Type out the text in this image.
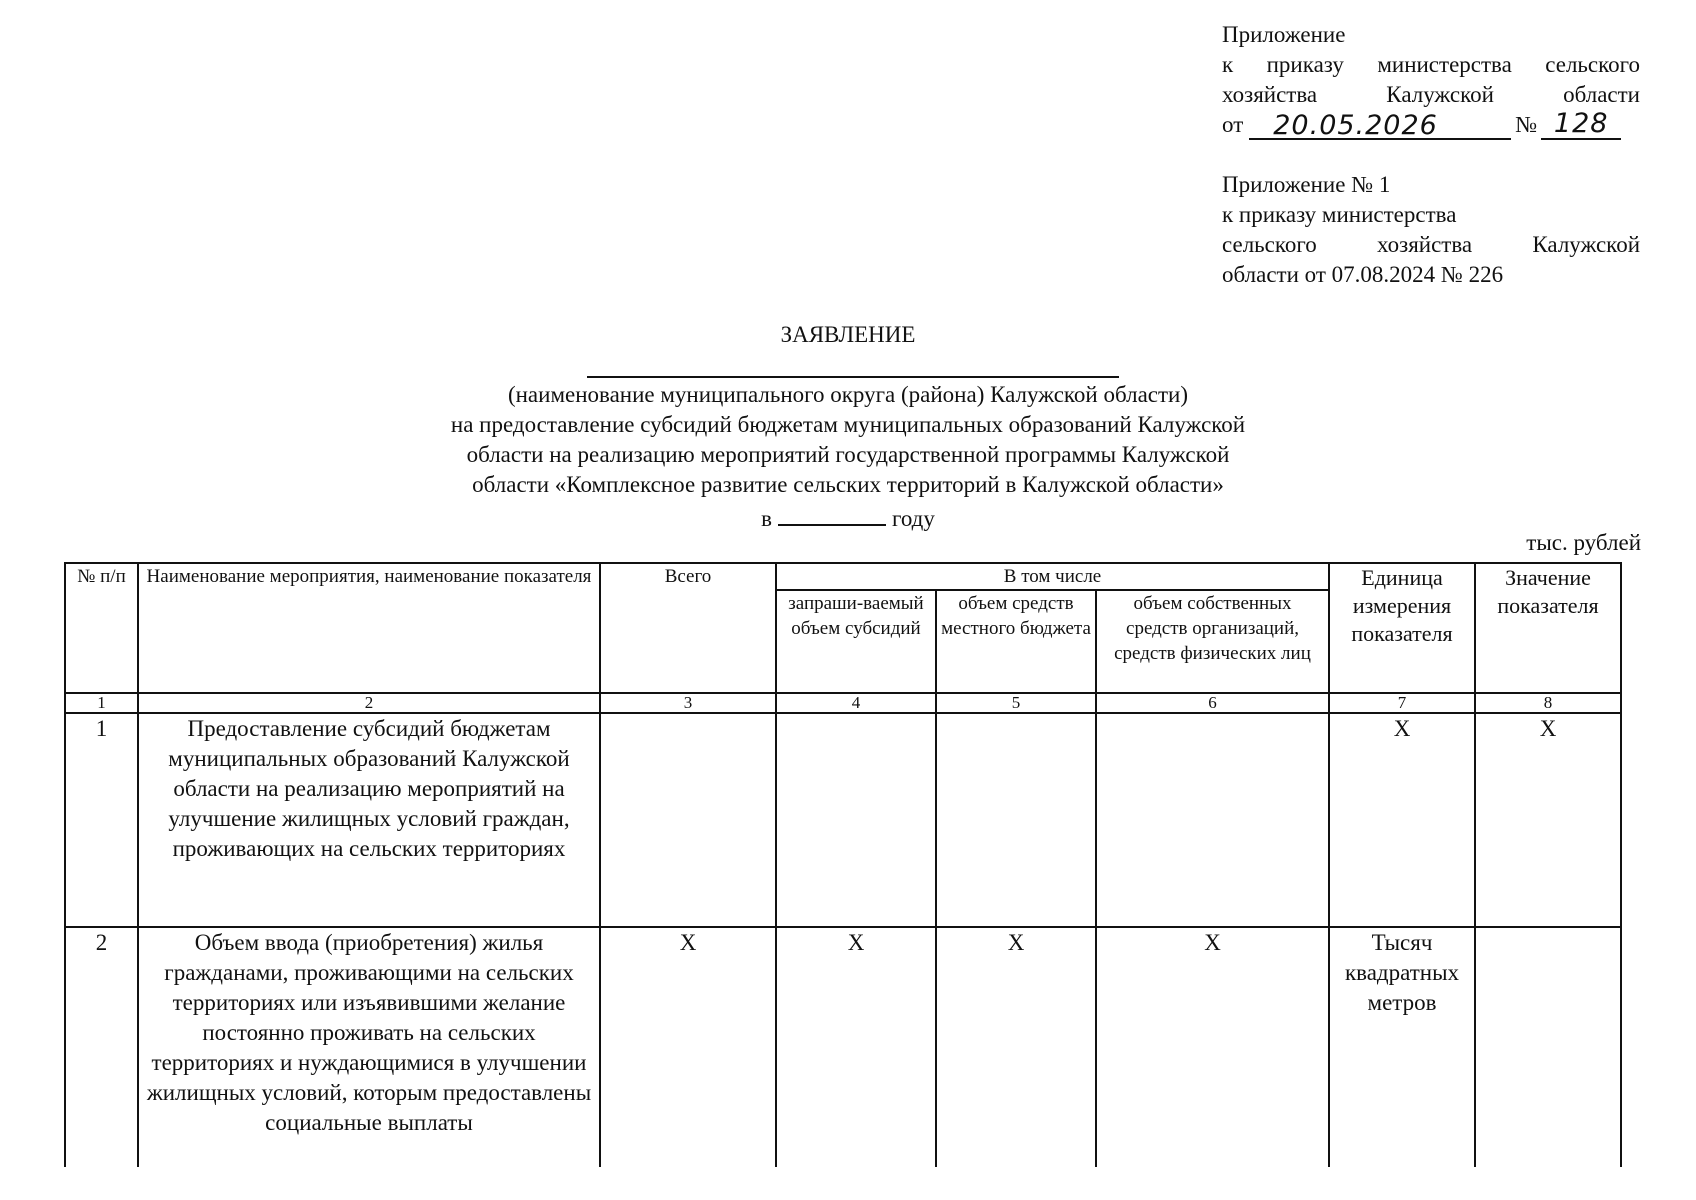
Приложение
к приказу министерства сельского
хозяйства	Калужской	области
от	20.05.2026	№ 128
Приложение № 1
к приказу министерства
сельского	хозяйства	Калужской
области от 07.08.2024 № 226
ЗАЯВЛЕНИЕ
(наименование муниципального округа (района) Калужской области)
на предоставление субсидий бюджетам муниципальных образований Калужской
области на реализацию мероприятий государственной программы Калужской
области «Комплексное развитие сельских территорий в Калужской области»
в	году
тыс. рублей
№ п/п	Наименование мероприятия, наименование показателя	Всего	В том числе			Единица измерения показателя	Значение показателя
			запраши-ваемый объем субсидий	объем средств местного бюджета	объем собственных средств организаций, средств физических лиц		
1	2	3	4	5	6	7	8
1	Предоставление субсидий бюджетам муниципальных образований Калужской области на реализацию мероприятий на улучшение жилищных условий граждан, проживающих на сельских территориях					X	X
2	Объем ввода (приобретения) жилья гражданами, проживающими на сельских территориях или изъявившими желание постоянно проживать на сельских территориях и нуждающимися в улучшении жилищных условий, которым предоставлены социальные выплаты	X	X	X	X	Тысяч квадратных метров	
